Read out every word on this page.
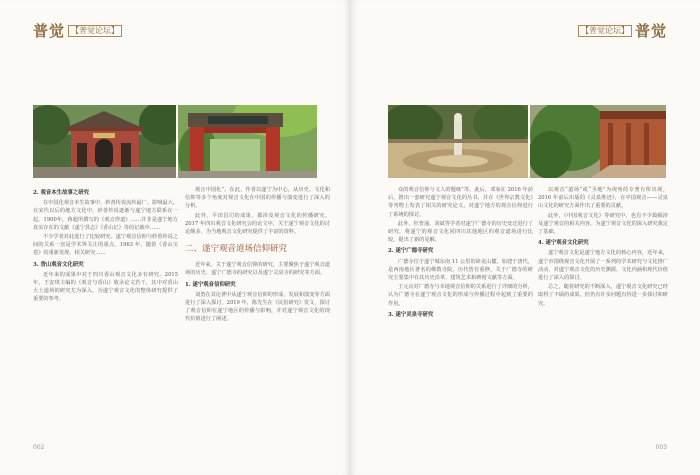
普觉 【普觉论坛】

2. 观音本生故事之研究

在中国化观音本生故事中，妙善传说流传最广、影响最大。在宋代以后的地方文化中，妙善传说逐渐与遂宁地方联系在一起。1900年，蒋超所撰写的《观音得道》……并非是遂宁地方真实存在的文献《遂宁县志》《香山记》等的记载中……

不少学者对此进行了比较研究。遂宁观音信仰与妙善传说之间的关系一直是学术界关注的重点。1963 年，随着《香山宝卷》的重新发现，相关研究……

3. 香山观音文化研究

近年来的成果中对于四川香山观音文化多有研究。2015 年，王安琪主编的《观音与香山》收录论文若干，其中对香山大士道场的研究尤为深入，为遂宁观音文化的整体研究提供了重要的参考。

观音中国化”。在此，作者以遂宁为中心，从历史、文化和信仰等多个角度对观音文化在中国的传播与演变进行了深入的分析。

此外，平田昌司的成果，都涉及观音文化的传播研究。2017 年四川观音文化研究会的论文中，关于遂宁观音文化的讨论颇多，为当地观音文化研究提供了丰富的资料。

二、遂宁观音道场信仰研究

近年来，关于遂宁观音信仰的研究，主要聚焦于遂宁观音道场的历史、遂宁广德寺的研究以及遂宁灵泉寺的研究等方面。

1. 遂宁观音信仰研究

刘勇在其论著中从遂宁观音信仰的形成、发展和演变等方面进行了深入探讨，2019 年，陈先生在《民俗研究》发文，探讨了观音信仰在遂宁地区的传播与影响，并对遂宁观音文化的现代价值进行了阐述。

002
【普觉论坛】 普觉

众的观音信仰与文人的题咏”等。此后，邓家在 2016 年前后，推出一套研究遂宁观音文化的丛书，并在《世界宗教文化》等刊物上发表了相关的研究论文，对遂宁地方的观音信仰进行了系统的探讨。

此外，杜普通、刘斌等学者对遂宁广德寺的历史变迁进行了研究，将遂宁的观音文化同四川其他地区的观音道场进行比较，提出了新的见解。

2. 遂宁广德寺研究

广德寺位于遂宁城东南 11 公里的卧龙山麓，始建于唐代，是西南地区著名的佛教寺院，历代皆有重修。关于广德寺的研究主要集中在其历史沿革、建筑艺术和碑刻文献等方面。

王元良对广德寺与本地观音信仰的关系进行了详细的分析，认为广德寺在遂宁观音文化的形成与传播过程中起到了重要的作用。

3. 遂宁灵泉寺研究

以观音“道场”或“圣地”为视角的专著有所出现。2016 年前后出版的《灵泉胜迹》，在中国观音——灵泉山文化的研究方面作出了重要的贡献。

此外，《中国观音文化》等研究中，也有不少篇幅涉及遂宁观音的相关内容，为遂宁观音文化的深入研究奠定了基础。

4. 遂宁观音文化研究

遂宁观音文化是遂宁地方文化的核心内容，近年来，遂宁市围绕观音文化开展了一系列的学术研究与文化推广活动，对遂宁观音文化的历史渊源、文化内涵和现代价值进行了深入的探讨。

总之，随着研究的不断深入，遂宁观音文化研究已经取得了丰硕的成果，但仍有许多问题有待进一步探讨和研究。

003
